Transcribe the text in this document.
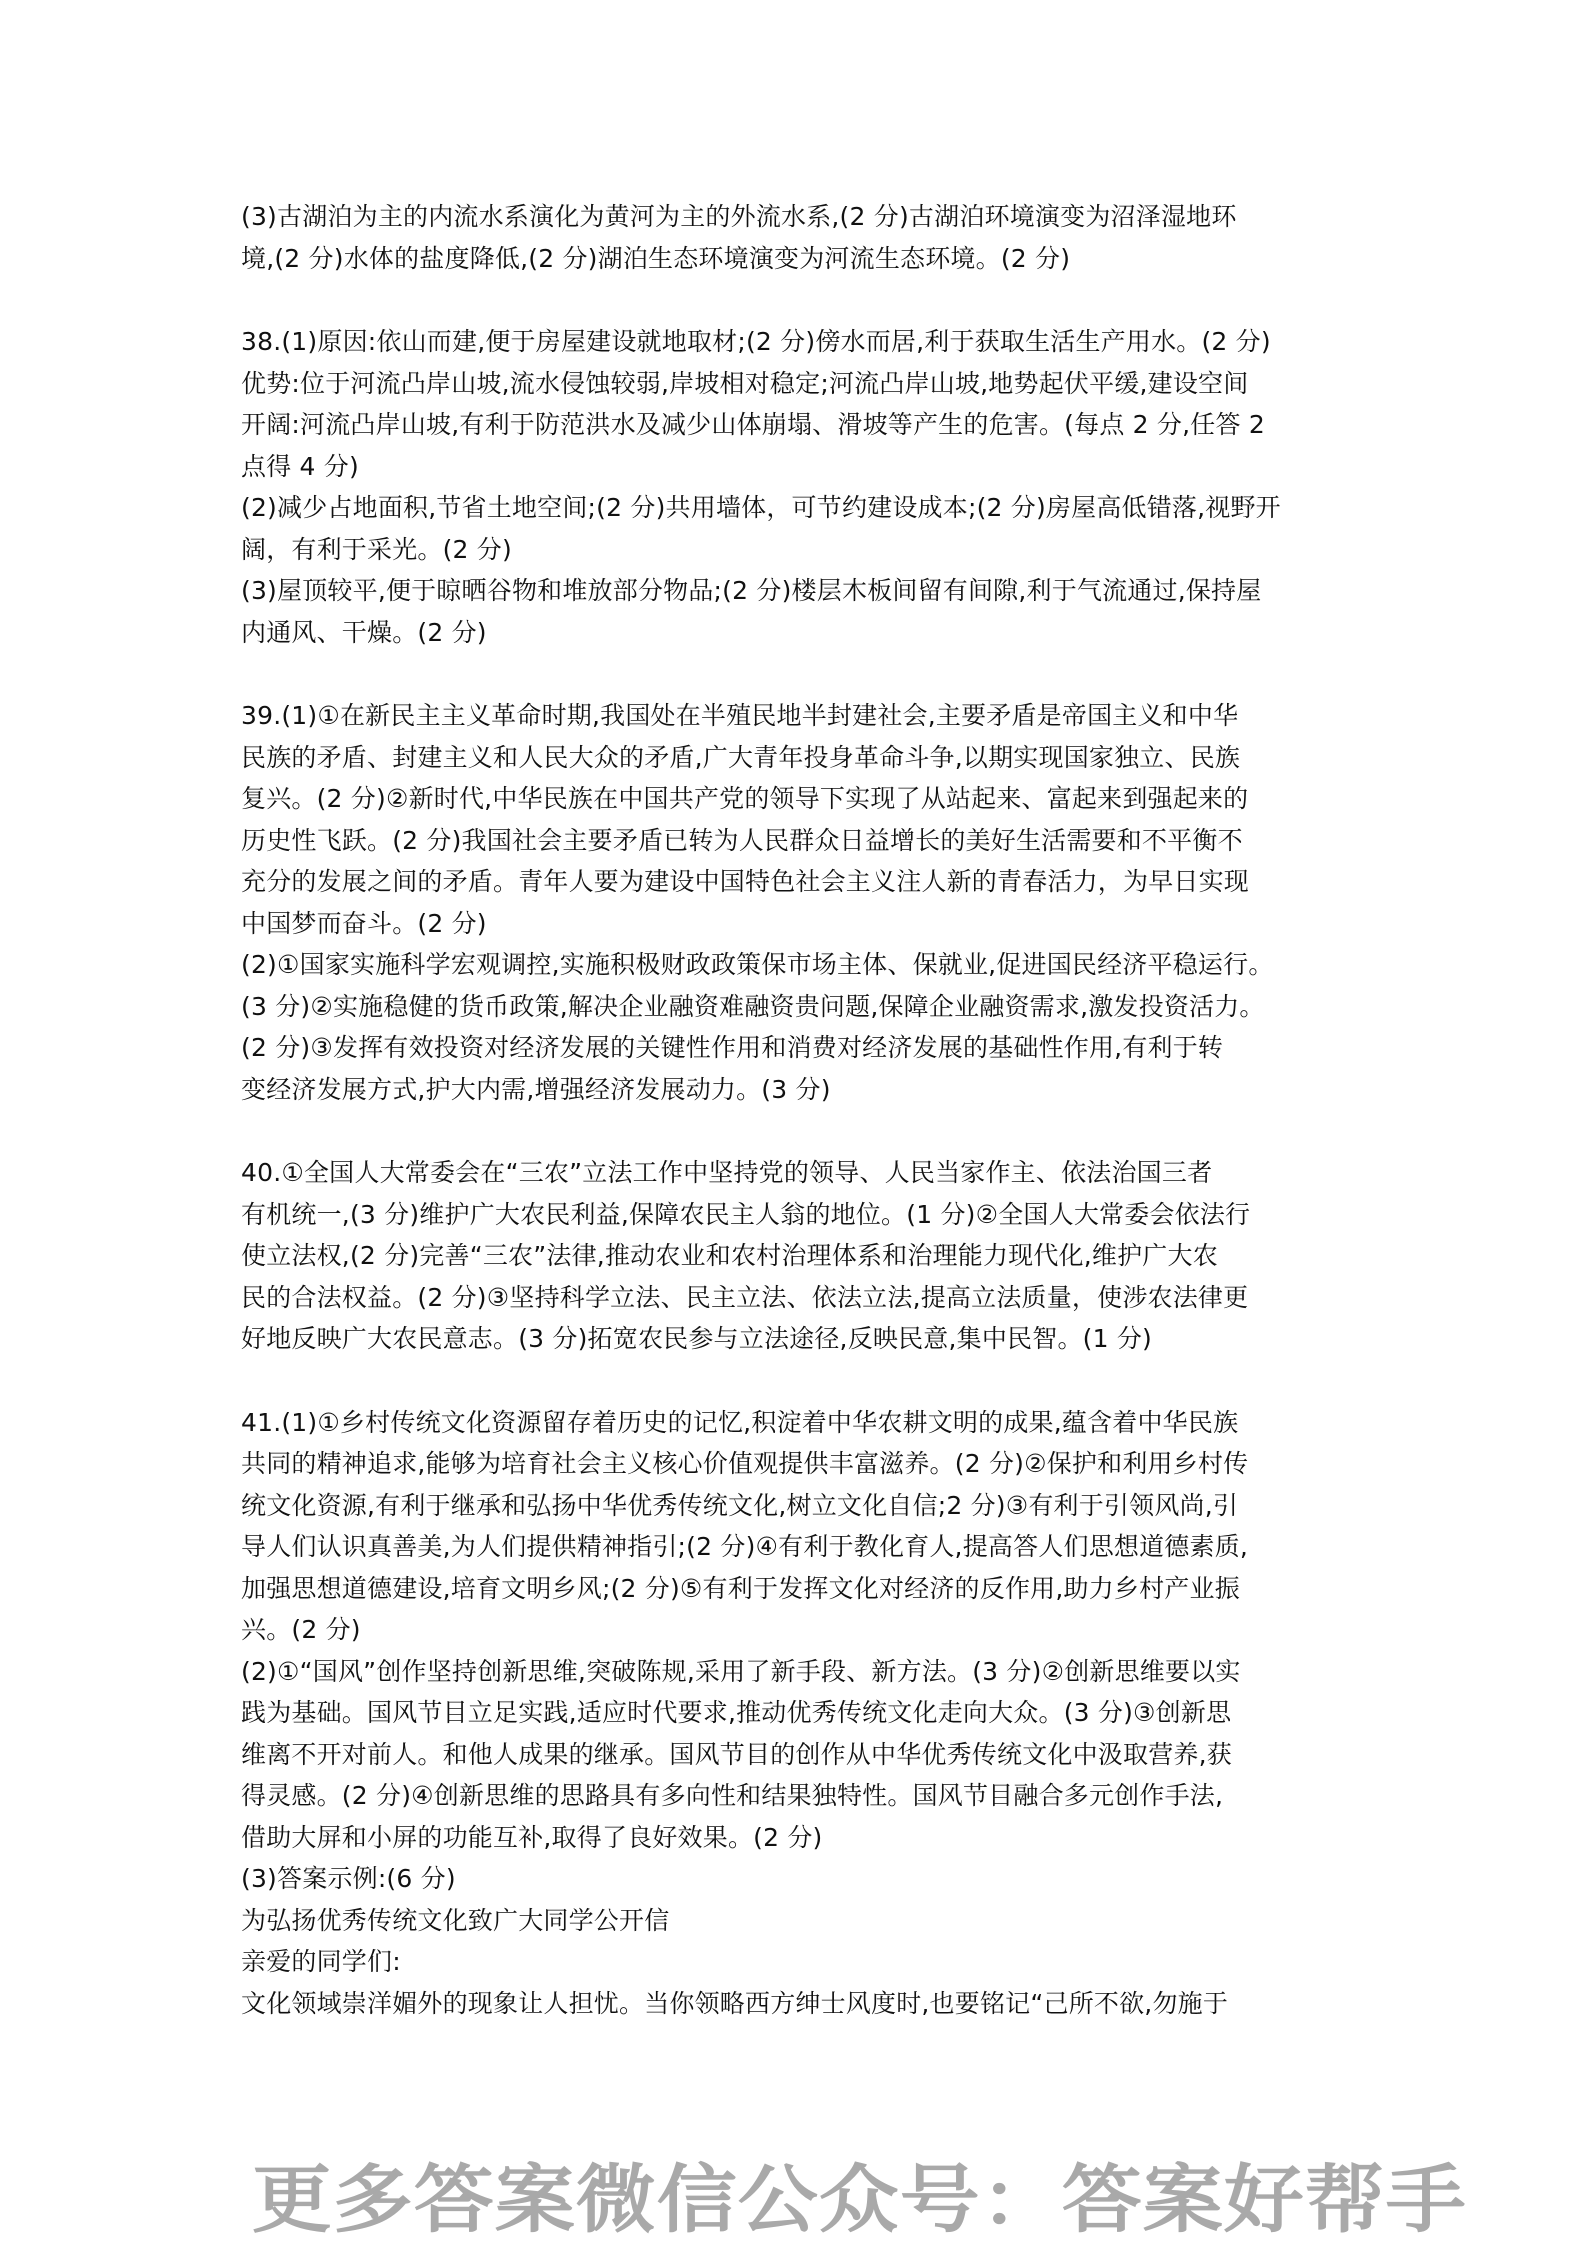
(3)古湖泊为主的内流水系演化为黄河为主的外流水系,(2 分)古湖泊环境演变为沼泽湿地环
境,(2 分)水体的盐度降低,(2 分)湖泊生态环境演变为河流生态环境。(2 分)
38.(1)原因:依山而建,便于房屋建设就地取材;(2 分)傍水而居,利于获取生活生产用水。(2 分)
优势:位于河流凸岸山坡,流水侵蚀较弱,岸坡相对稳定;河流凸岸山坡,地势起伏平缓,建设空间
开阔:河流凸岸山坡,有利于防范洪水及减少山体崩塌、滑坡等产生的危害。(每点 2 分,任答 2
点得 4 分)
(2)减少占地面积,节省土地空间;(2 分)共用墙体，可节约建设成本;(2 分)房屋高低错落,视野开
阔，有利于采光。(2 分)
(3)屋顶较平,便于晾晒谷物和堆放部分物品;(2 分)楼层木板间留有间隙,利于气流通过,保持屋
内通风、干燥。(2 分)
39.(1)①在新民主主义革命时期,我国处在半殖民地半封建社会,主要矛盾是帝国主义和中华
民族的矛盾、封建主义和人民大众的矛盾,广大青年投身革命斗争,以期实现国家独立、民族
复兴。(2 分)②新时代,中华民族在中国共产党的领导下实现了从站起来、富起来到强起来的
历史性飞跃。(2 分)我国社会主要矛盾已转为人民群众日益增长的美好生活需要和不平衡不
充分的发展之间的矛盾。青年人要为建设中国特色社会主义注人新的青春活力，为早日实现
中国梦而奋斗。(2 分)
(2)①国家实施科学宏观调控,实施积极财政政策保市场主体、保就业,促进国民经济平稳运行。
(3 分)②实施稳健的货币政策,解决企业融资难融资贵问题,保障企业融资需求,激发投资活力。
(2 分)③发挥有效投资对经济发展的关键性作用和消费对经济发展的基础性作用,有利于转
变经济发展方式,护大内需,增强经济发展动力。(3 分)
40.①全国人大常委会在“三农”立法工作中坚持党的领导、人民当家作主、依法治国三者
有机统一,(3 分)维护广大农民利益,保障农民主人翁的地位。(1 分)②全国人大常委会依法行
使立法权,(2 分)完善“三农”法律,推动农业和农村治理体系和治理能力现代化,维护广大农
民的合法权益。(2 分)③坚持科学立法、民主立法、依法立法,提高立法质量，使涉农法律更
好地反映广大农民意志。(3 分)拓宽农民参与立法途径,反映民意,集中民智。(1 分)
41.(1)①乡村传统文化资源留存着历史的记忆,积淀着中华农耕文明的成果,蕴含着中华民族
共同的精神追求,能够为培育社会主义核心价值观提供丰富滋养。(2 分)②保护和利用乡村传
统文化资源,有利于继承和弘扬中华优秀传统文化,树立文化自信;2 分)③有利于引领风尚,引
导人们认识真善美,为人们提供精神指引;(2 分)④有利于教化育人,提高答人们思想道德素质,
加强思想道德建设,培育文明乡风;(2 分)⑤有利于发挥文化对经济的反作用,助力乡村产业振
兴。(2 分)
(2)①“国风”创作坚持创新思维,突破陈规,采用了新手段、新方法。(3 分)②创新思维要以实
践为基础。国风节目立足实践,适应时代要求,推动优秀传统文化走向大众。(3 分)③创新思
维离不开对前人。和他人成果的继承。国风节目的创作从中华优秀传统文化中汲取营养,获
得灵感。(2 分)④创新思维的思路具有多向性和结果独特性。国风节目融合多元创作手法,
借助大屏和小屏的功能互补,取得了良好效果。(2 分)
(3)答案示例:(6 分)
为弘扬优秀传统文化致广大同学公开信
亲爱的同学们:
文化领域崇洋媚外的现象让人担忧。当你领略西方绅士风度时,也要铭记“己所不欲,勿施于
更多答案微信公众号：答案好帮手
